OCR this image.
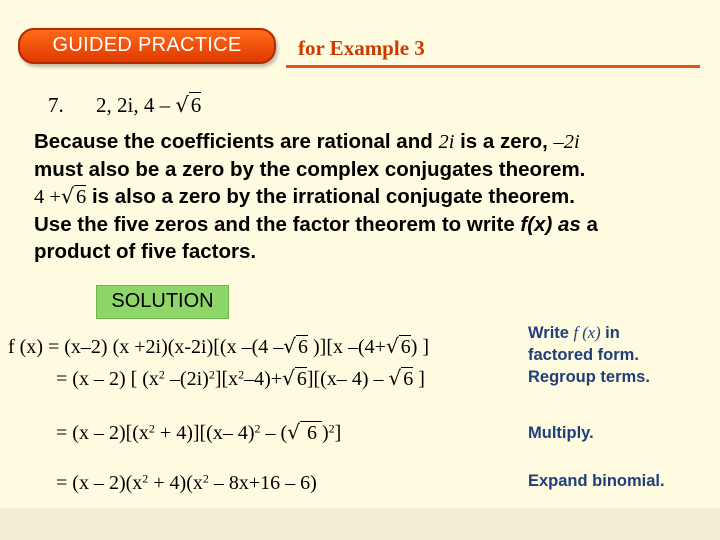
GUIDED PRACTICE	for Example 3
7. 2, 2i, 4 – √6

Because the coefficients are rational and 2i is a zero, –2i

must also be a zero by the complex conjugates theorem.

4 +√6 is also a zero by the irrational conjugate theorem.

Use the five zeros and the factor theorem to write f(x) as a

product of five factors.

SOLUTION
f (x) = (x–2) (x +2i)(x-2i)[(x –(4 –√ 6 )][x –(4+√ 6) ]
= (x – 2) [ ($x^2$ $-(2i)^2][x^2-4)+√$ 6][(x– 4) – √ 6 ]
= $(x - 2)[(x^2 + 4)][(x-$ 4)$^2$ – (√ 6 )$^2$]
= $(x - 2)(x^2 + 4)(x^2 - 8x+16 - 6)$
Write f (x) in
factored form.
Regroup terms.
Multiply.
Expand binomial.
